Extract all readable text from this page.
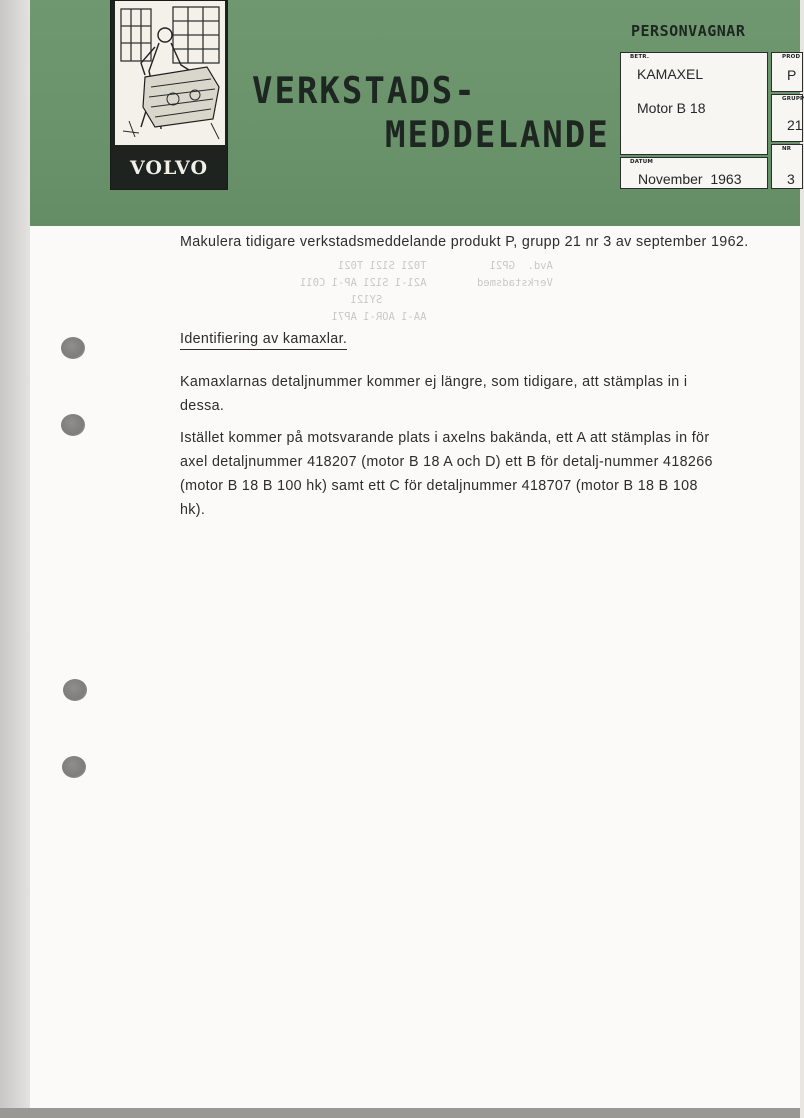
VOLVO
VERKSTADS-
MEDDELANDE
PERSONVAGNAR
BETR.
KAMAXEL
Motor B 18
DATUM
November  1963
PROD
P
GRUPP
21
NR
3
Avd.  GP21          T021 S121 T021
Verkstadsmed        A21-1 S121 AP-1 C011
SY121
AA-1 AOR-1 AP71
Makulera tidigare verkstadsmeddelande produkt P, grupp 21 nr 3 av september 1962.
Identifiering av kamaxlar.
Kamaxlarnas detaljnummer kommer ej längre, som tidigare, att stämplas in i dessa.
Istället kommer på motsvarande plats i axelns bakända, ett A att stämplas in för axel detaljnummer 418207 (motor B 18 A och D) ett B för detalj-nummer 418266 (motor B 18 B 100 hk) samt ett C för detaljnummer 418707 (motor B 18 B 108 hk).
